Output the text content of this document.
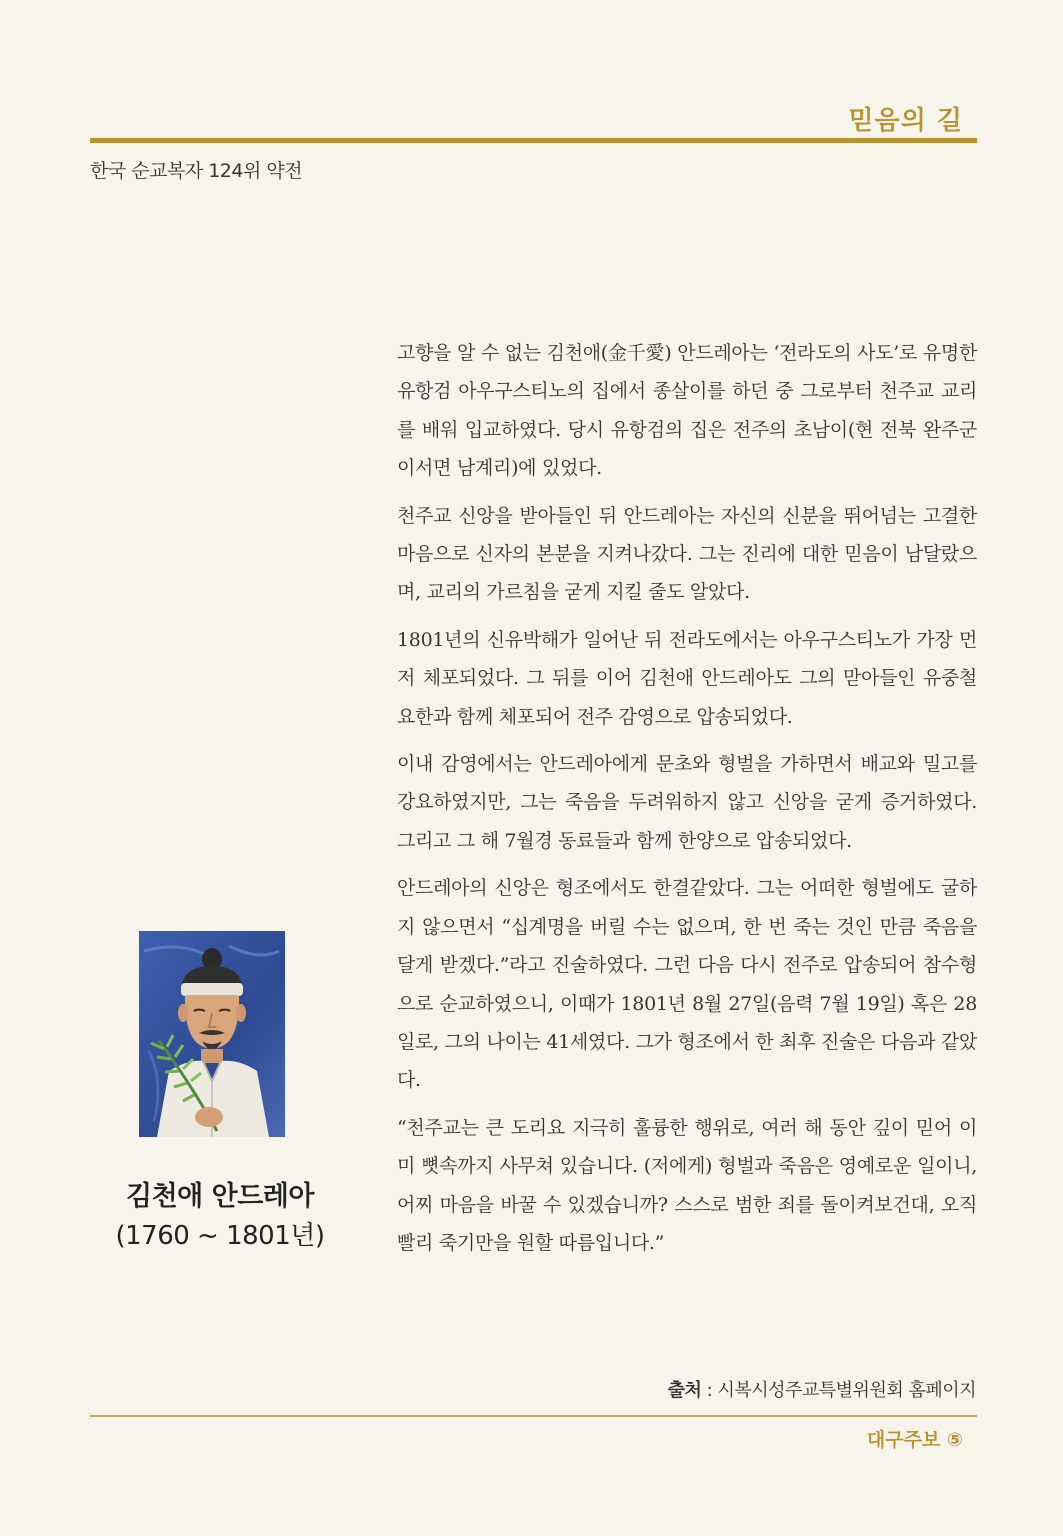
믿음의 길
한국 순교복자 124위 약전

고향을 알 수 없는 김천애(金千愛) 안드레아는 ‘전라도의 사도’로 유명한 유항검 아우구스티노의 집에서 종살이를 하던 중 그로부터 천주교 교리를 배워 입교하였다. 당시 유항검의 집은 전주의 초남이(현 전북 완주군 이서면 남계리)에 있었다.

천주교 신앙을 받아들인 뒤 안드레아는 자신의 신분을 뛰어넘는 고결한 마음으로 신자의 본분을 지켜나갔다. 그는 진리에 대한 믿음이 남달랐으며, 교리의 가르침을 굳게 지킬 줄도 알았다.

1801년의 신유박해가 일어난 뒤 전라도에서는 아우구스티노가 가장 먼저 체포되었다. 그 뒤를 이어 김천애 안드레아도 그의 맏아들인 유중철 요한과 함께 체포되어 전주 감영으로 압송되었다.

이내 감영에서는 안드레아에게 문초와 형벌을 가하면서 배교와 밀고를 강요하였지만, 그는 죽음을 두려워하지 않고 신앙을 굳게 증거하였다. 그리고 그 해 7월경 동료들과 함께 한양으로 압송되었다.

안드레아의 신앙은 형조에서도 한결같았다. 그는 어떠한 형벌에도 굴하지 않으면서 “십계명을 버릴 수는 없으며, 한 번 죽는 것인 만큼 죽음을 달게 받겠다.”라고 진술하였다. 그런 다음 다시 전주로 압송되어 참수형으로 순교하였으니, 이때가 1801년 8월 27일(음력 7월 19일) 혹은 28일로, 그의 나이는 41세였다. 그가 형조에서 한 최후 진술은 다음과 같았다.

“천주교는 큰 도리요 지극히 훌륭한 행위로, 여러 해 동안 깊이 믿어 이미 뼛속까지 사무쳐 있습니다. (저에게) 형벌과 죽음은 영예로운 일이니, 어찌 마음을 바꿀 수 있겠습니까? 스스로 범한 죄를 돌이켜보건대, 오직 빨리 죽기만을 원할 따름입니다.”

김천애 안드레아
(1760 ~ 1801년)
출처 : 시복시성주교특별위원회 홈페이지
대구주보 ⑤
